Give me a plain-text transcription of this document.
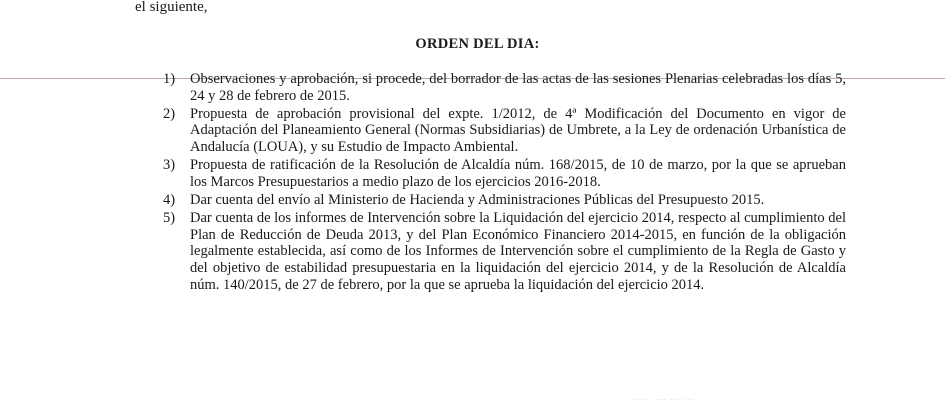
el siguiente,
ORDEN DEL DIA:
1)	Observaciones y aprobación, si procede, del borrador de las actas de las sesiones Plenarias celebradas los días 5, 24 y 28 de febrero de 2015.
2)	Propuesta de aprobación provisional del expte. 1/2012, de 4ª Modificación del Documento en vigor de Adaptación del Planeamiento General (Normas Subsidiarias) de Umbrete, a la Ley de ordenación Urbanística de Andalucía (LOUA), y su Estudio de Impacto Ambiental.
3)	Propuesta de ratificación de la Resolución de Alcaldía núm. 168/2015, de 10 de marzo, por la que se aprueban los Marcos Presupuestarios a medio plazo de los ejercicios 2016-2018.
4)	Dar cuenta del envío al Ministerio de Hacienda y Administraciones Públicas del Presupuesto 2015.
5)	Dar cuenta de los informes de Intervención sobre la Liquidación del ejercicio 2014, respecto al cumplimiento del Plan de Reducción de Deuda 2013, y del Plan Económico Financiero 2014-2015, en función de la obligación legalmente establecida, así como de los Informes de Intervención sobre el cumplimiento de la Regla de Gasto y del objetivo de estabilidad presupuestaria en la liquidación del ejercicio 2014, y de la Resolución de Alcaldía núm. 140/2015, de 27 de febrero, por la que se aprueba la liquidación del ejercicio 2014.
... ... ... ... ...
